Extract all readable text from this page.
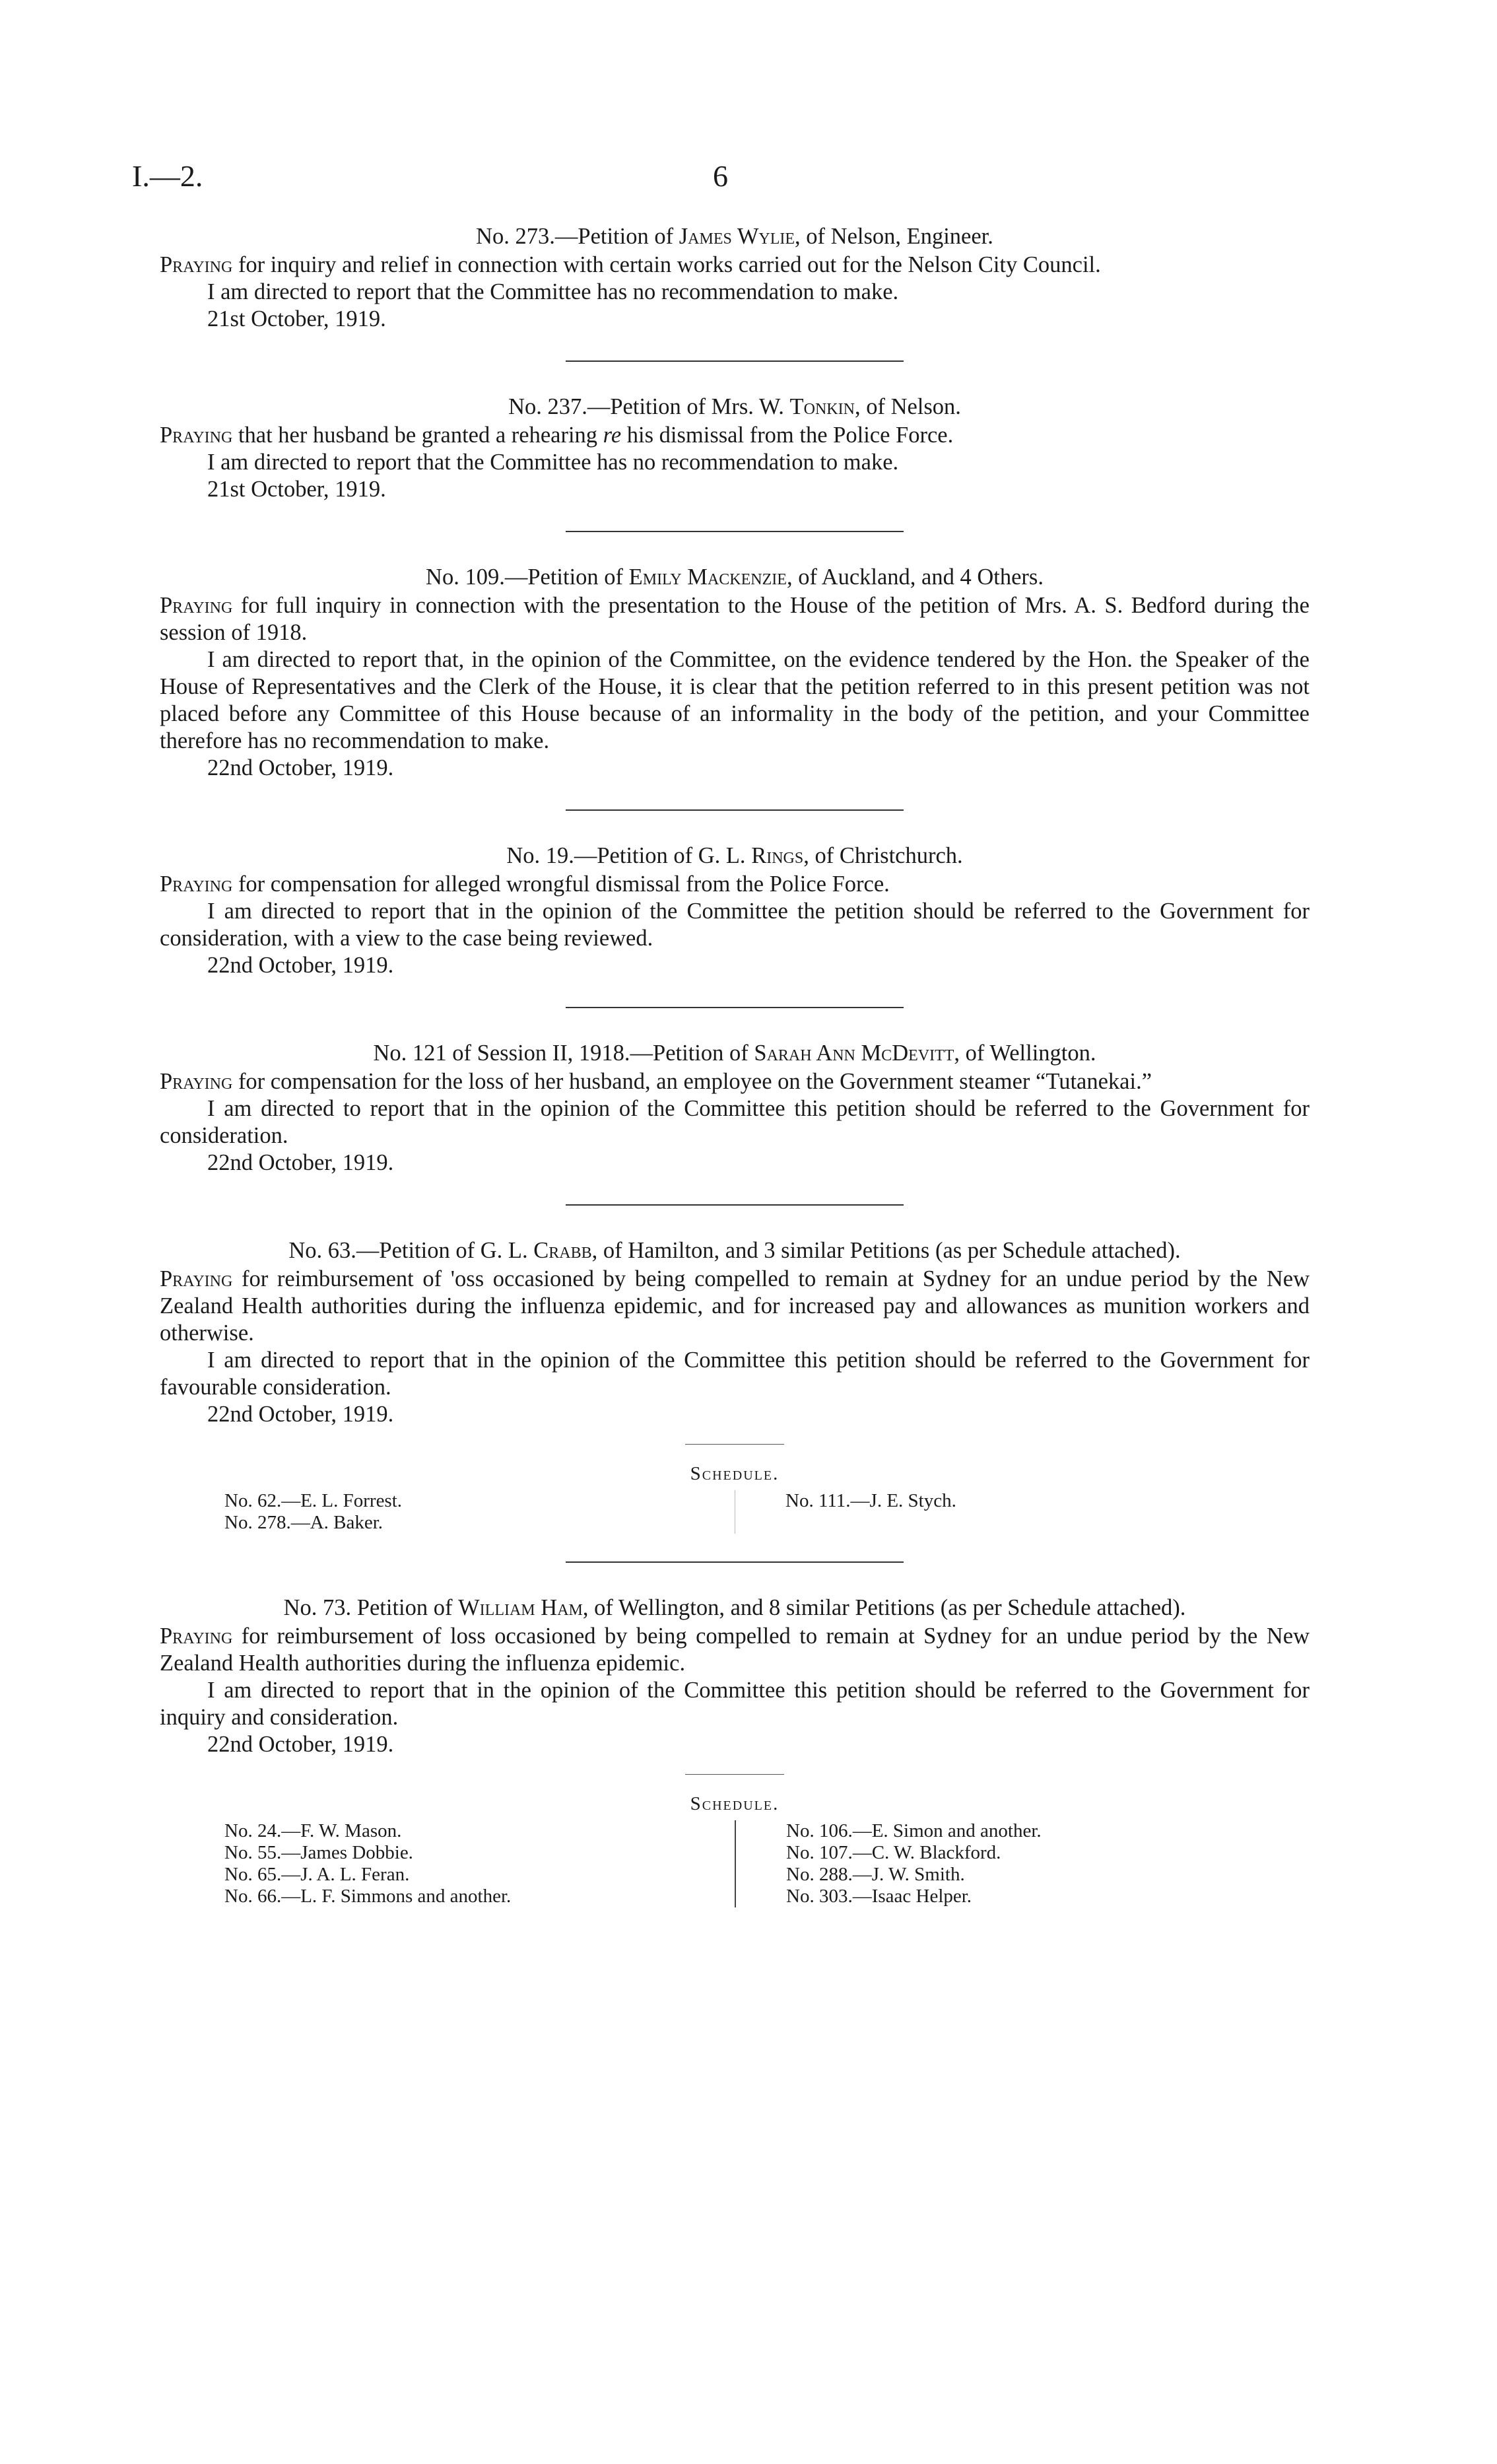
I.—2.	6

No. 273.—Petition of James Wylie, of Nelson, Engineer.

Praying for inquiry and relief in connection with certain works carried out for the Nelson City Council.

I am directed to report that the Committee has no recommendation to make.

21st October, 1919.

No. 237.—Petition of Mrs. W. Tonkin, of Nelson.

Praying that her husband be granted a rehearing re his dismissal from the Police Force.

I am directed to report that the Committee has no recommendation to make.

21st October, 1919.

No. 109.—Petition of Emily Mackenzie, of Auckland, and 4 Others.

Praying for full inquiry in connection with the presentation to the House of the petition of Mrs. A. S. Bedford during the session of 1918.

I am directed to report that, in the opinion of the Committee, on the evidence tendered by the Hon. the Speaker of the House of Representatives and the Clerk of the House, it is clear that the petition referred to in this present petition was not placed before any Committee of this House because of an informality in the body of the petition, and your Committee therefore has no recommendation to make.

22nd October, 1919.

No. 19.—Petition of G. L. Rings, of Christchurch.

Praying for compensation for alleged wrongful dismissal from the Police Force.

I am directed to report that in the opinion of the Committee the petition should be referred to the Government for consideration, with a view to the case being reviewed.

22nd October, 1919.

No. 121 of Session II, 1918.—Petition of Sarah Ann McDevitt, of Wellington.

Praying for compensation for the loss of her husband, an employee on the Government steamer “Tutanekai.”

I am directed to report that in the opinion of the Committee this petition should be referred to the Government for consideration.

22nd October, 1919.

No. 63.—Petition of G. L. Crabb, of Hamilton, and 3 similar Petitions (as per Schedule attached).

Praying for reimbursement of 'oss occasioned by being compelled to remain at Sydney for an undue period by the New Zealand Health authorities during the influenza epidemic, and for increased pay and allowances as munition workers and otherwise.

I am directed to report that in the opinion of the Committee this petition should be referred to the Government for favourable consideration.

22nd October, 1919.

Schedule.

No. 62.—E. L. Forrest.

No. 278.—A. Baker.

No. 111.—J. E. Stych.

No. 73. Petition of William Ham, of Wellington, and 8 similar Petitions (as per Schedule attached).

Praying for reimbursement of loss occasioned by being compelled to remain at Sydney for an undue period by the New Zealand Health authorities during the influenza epidemic.

I am directed to report that in the opinion of the Committee this petition should be referred to the Government for inquiry and consideration.

22nd October, 1919.

Schedule.

No. 24.—F. W. Mason.

No. 55.—James Dobbie.

No. 65.—J. A. L. Feran.

No. 66.—L. F. Simmons and another.

No. 106.—E. Simon and another.

No. 107.—C. W. Blackford.

No. 288.—J. W. Smith.

No. 303.—Isaac Helper.
